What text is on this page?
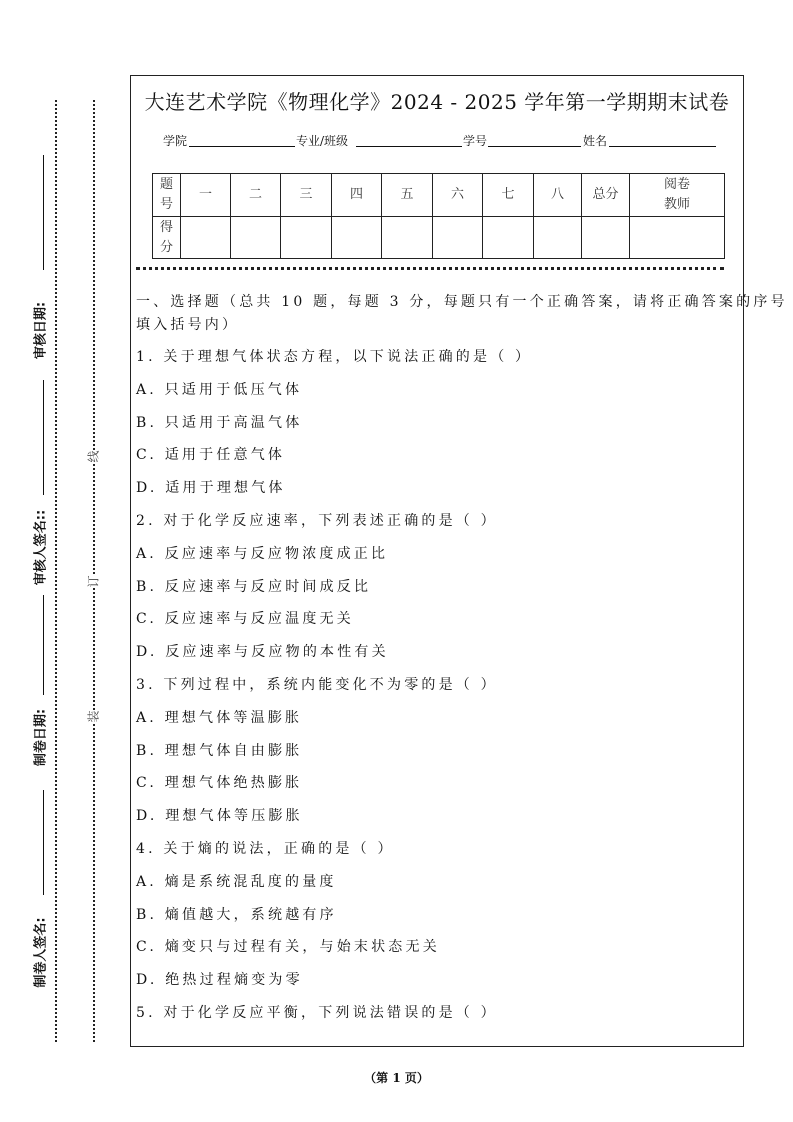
审核日期:
审核人签名::
制卷日期:
制卷人签名:
线
订
装
大连艺术学院《物理化学》2024 - 2025 学年第一学期期末试卷
学院	专业/班级	学号	姓名
题
号	一	二	三	四	五	六	七	八	总分	阅卷
教师
得
分										
一、选择题（总共 10 题，每题 3 分，每题只有一个正确答案，请将正确答案的序号
填入括号内）
1. 关于理想气体状态方程，以下说法正确的是（ ）
A. 只适用于低压气体
B. 只适用于高温气体
C. 适用于任意气体
D. 适用于理想气体
2. 对于化学反应速率，下列表述正确的是（ ）
A. 反应速率与反应物浓度成正比
B. 反应速率与反应时间成反比
C. 反应速率与反应温度无关
D. 反应速率与反应物的本性有关
3. 下列过程中，系统内能变化不为零的是（ ）
A. 理想气体等温膨胀
B. 理想气体自由膨胀
C. 理想气体绝热膨胀
D. 理想气体等压膨胀
4. 关于熵的说法，正确的是（ ）
A. 熵是系统混乱度的量度
B. 熵值越大，系统越有序
C. 熵变只与过程有关，与始末状态无关
D. 绝热过程熵变为零
5. 对于化学反应平衡，下列说法错误的是（ ）
（第 1 页）
